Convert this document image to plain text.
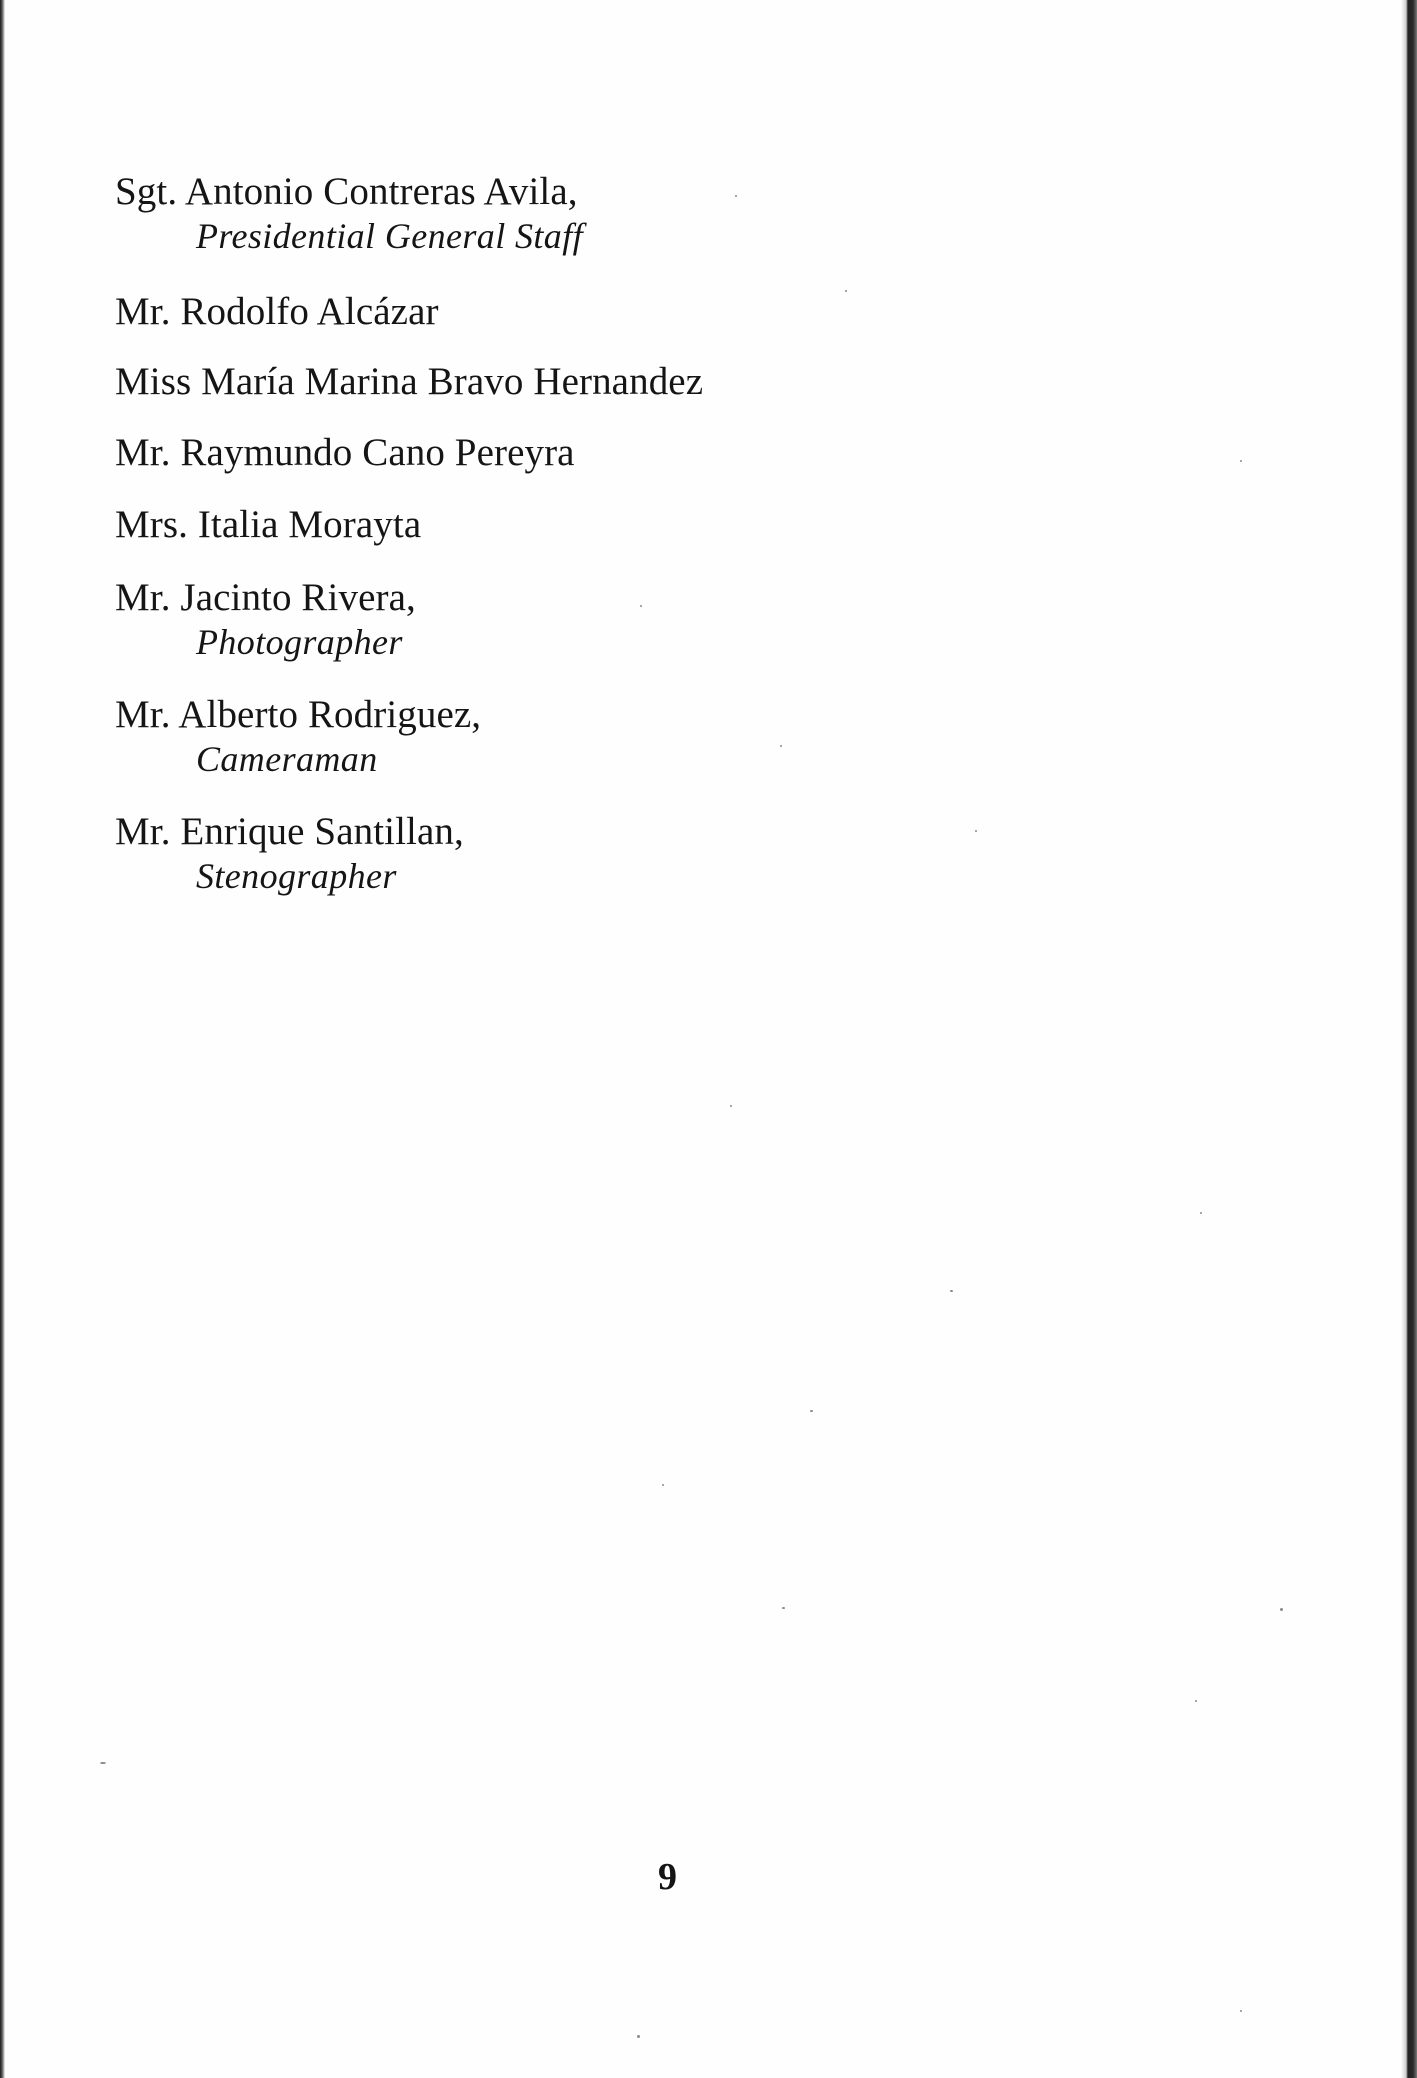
Sgt. Antonio Contreras Avila,
Presidential General Staff
Mr. Rodolfo Alcázar
Miss María Marina Bravo Hernandez
Mr. Raymundo Cano Pereyra
Mrs. Italia Morayta
Mr. Jacinto Rivera,
Photographer
Mr. Alberto Rodriguez,
Cameraman
Mr. Enrique Santillan,
Stenographer
9
